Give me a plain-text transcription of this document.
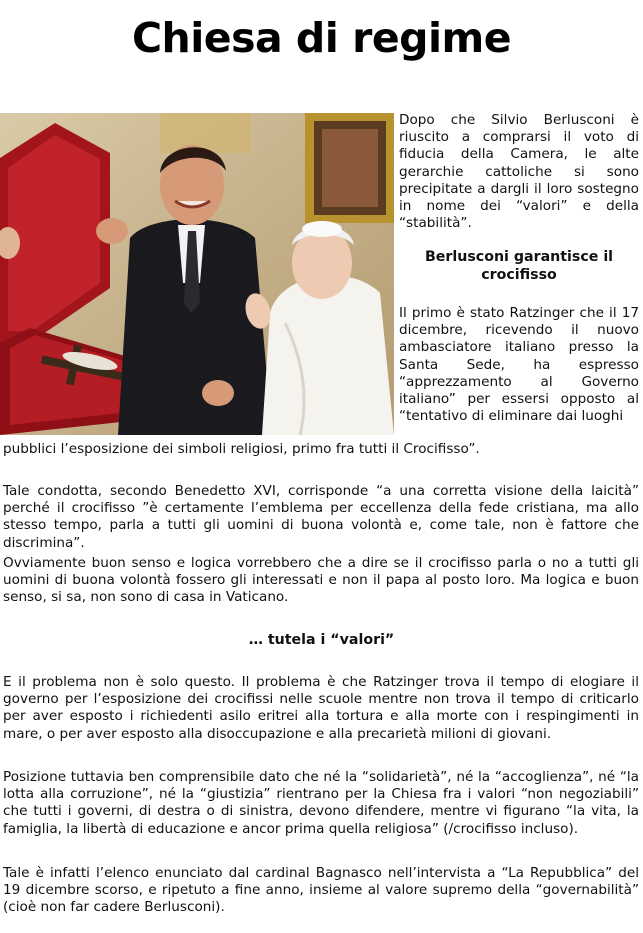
Chiesa di regime
Dopo che Silvio Berlusconi è riuscito a comprarsi il voto di fiducia della Camera, le alte gerarchie cattoliche si sono precipitate a dargli il loro sostegno in nome dei “valori” e della “stabilità”.
Berlusconi garantisce il crocifisso
Il primo è stato Ratzinger che il 17 dicembre, ricevendo il nuovo ambasciatore italiano presso la Santa Sede, ha espresso “apprezzamento al Governo italiano” per essersi opposto al “tentativo di eliminare dai luoghi
pubblici l’esposizione dei simboli religiosi, primo fra tutti il Crocifisso”.
Tale condotta, secondo Benedetto XVI, corrisponde “a una corretta visione della laicità” perché il crocifisso ”è certamente l’emblema per eccellenza della fede cristiana, ma allo stesso tempo, parla a tutti gli uomini di buona volontà e, come tale, non è fattore che discrimina”.
Ovviamente buon senso e logica vorrebbero che a dire se il crocifisso parla o no a tutti gli uomini di buona volontà fossero gli interessati e non il papa al posto loro. Ma logica e buon senso, si sa, non sono di casa in Vaticano.
… tutela i “valori”
E il problema non è solo questo. Il problema è che Ratzinger trova il tempo di elogiare il governo per l’esposizione dei crocifissi nelle scuole mentre non trova il tempo di criticarlo per aver esposto i richiedenti asilo eritrei alla tortura e alla morte con i respingimenti in mare, o per aver esposto alla disoccupazione e alla precarietà milioni di giovani.
Posizione tuttavia ben comprensibile dato che né la “solidarietà”, né la “accoglienza”, né “la lotta alla corruzione”, né la “giustizia” rientrano per la Chiesa fra i valori “non negoziabili” che tutti i governi, di destra o di sinistra, devono difendere, mentre vi figurano “la vita, la famiglia, la libertà di educazione e ancor prima quella religiosa” (/crocifisso incluso).
Tale è infatti l’elenco enunciato dal cardinal Bagnasco nell’intervista a “La Repubblica” del 19 dicembre scorso, e ripetuto a fine anno, insieme al valore supremo della “governabilità” (cioè non far cadere Berlusconi).
